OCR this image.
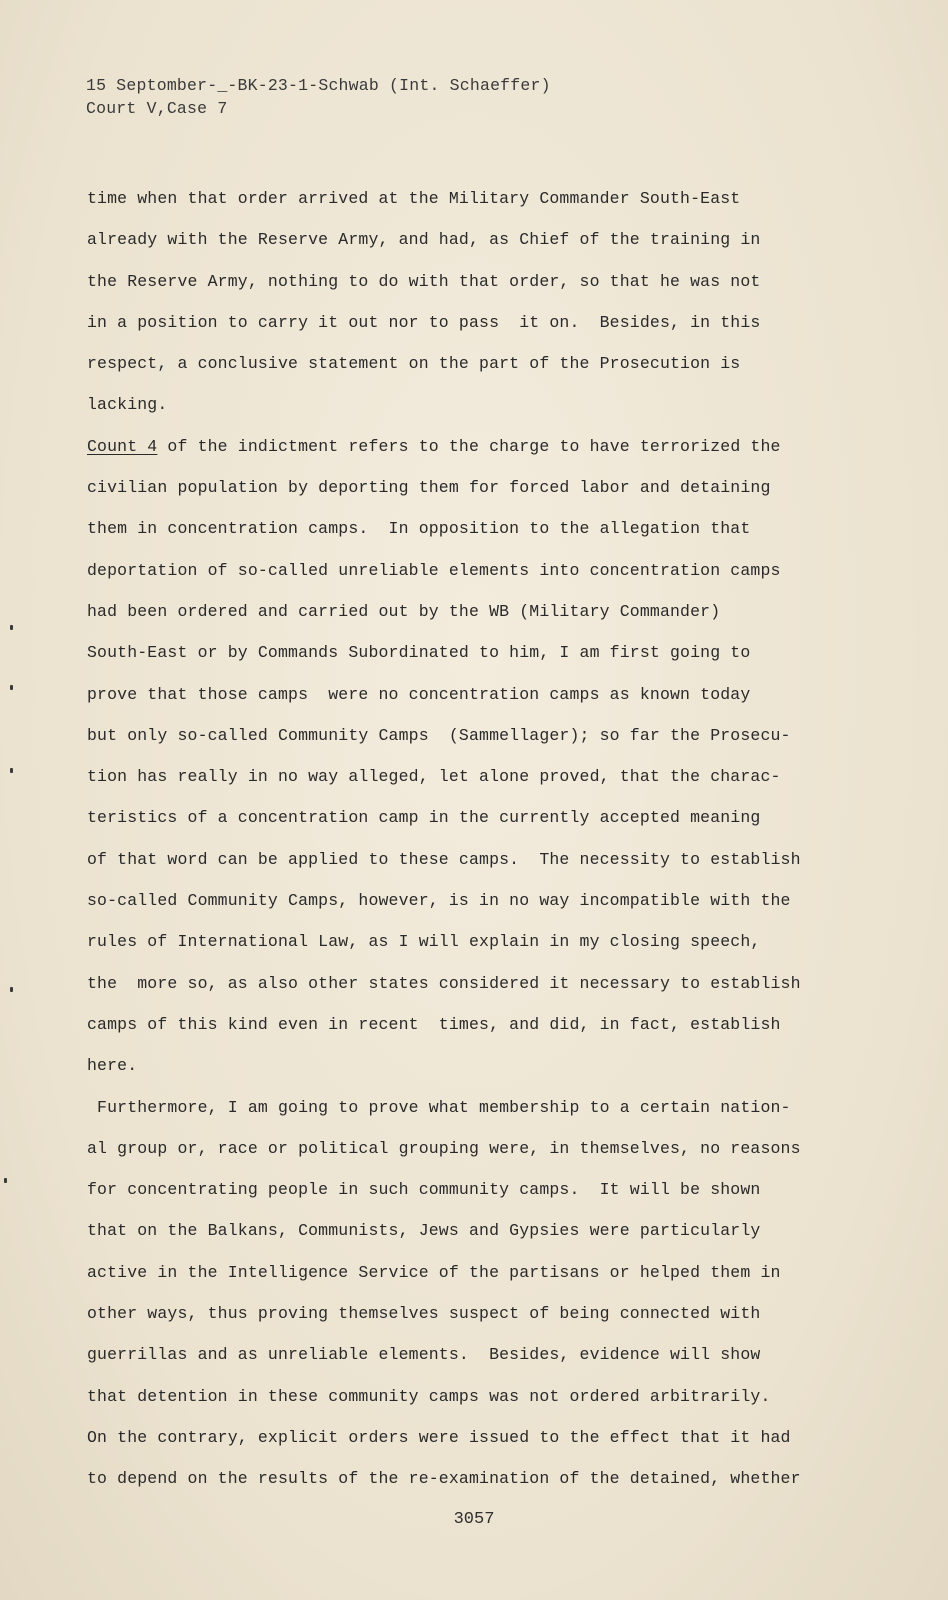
15 Septomber-_-BK-23-1-Schwab (Int. Schaeffer)
Court V,Case 7
time when that order arrived at the Military Commander South-East
already with the Reserve Army, and had, as Chief of the training in
the Reserve Army, nothing to do with that order, so that he was not
in a position to carry it out nor to pass  it on.  Besides, in this
respect, a conclusive statement on the part of the Prosecution is
lacking.
Count 4 of the indictment refers to the charge to have terrorized the
civilian population by deporting them for forced labor and detaining
them in concentration camps.  In opposition to the allegation that
deportation of so-called unreliable elements into concentration camps
had been ordered and carried out by the WB (Military Commander)
South-East or by Commands Subordinated to him, I am first going to
prove that those camps  were no concentration camps as known today
but only so-called Community Camps  (Sammellager); so far the Prosecu-
tion has really in no way alleged, let alone proved, that the charac-
teristics of a concentration camp in the currently accepted meaning
of that word can be applied to these camps.  The necessity to establish
so-called Community Camps, however, is in no way incompatible with the
rules of International Law, as I will explain in my closing speech,
the  more so, as also other states considered it necessary to establish
camps of this kind even in recent  times, and did, in fact, establish
here.
Furthermore, I am going to prove what membership to a certain nation-
al group or, race or political grouping were, in themselves, no reasons
for concentrating people in such community camps.  It will be shown
that on the Balkans, Communists, Jews and Gypsies were particularly
active in the Intelligence Service of the partisans or helped them in
other ways, thus proving themselves suspect of being connected with
guerrillas and as unreliable elements.  Besides, evidence will show
that detention in these community camps was not ordered arbitrarily.
On the contrary, explicit orders were issued to the effect that it had
to depend on the results of the re-examination of the detained, whether
3057
